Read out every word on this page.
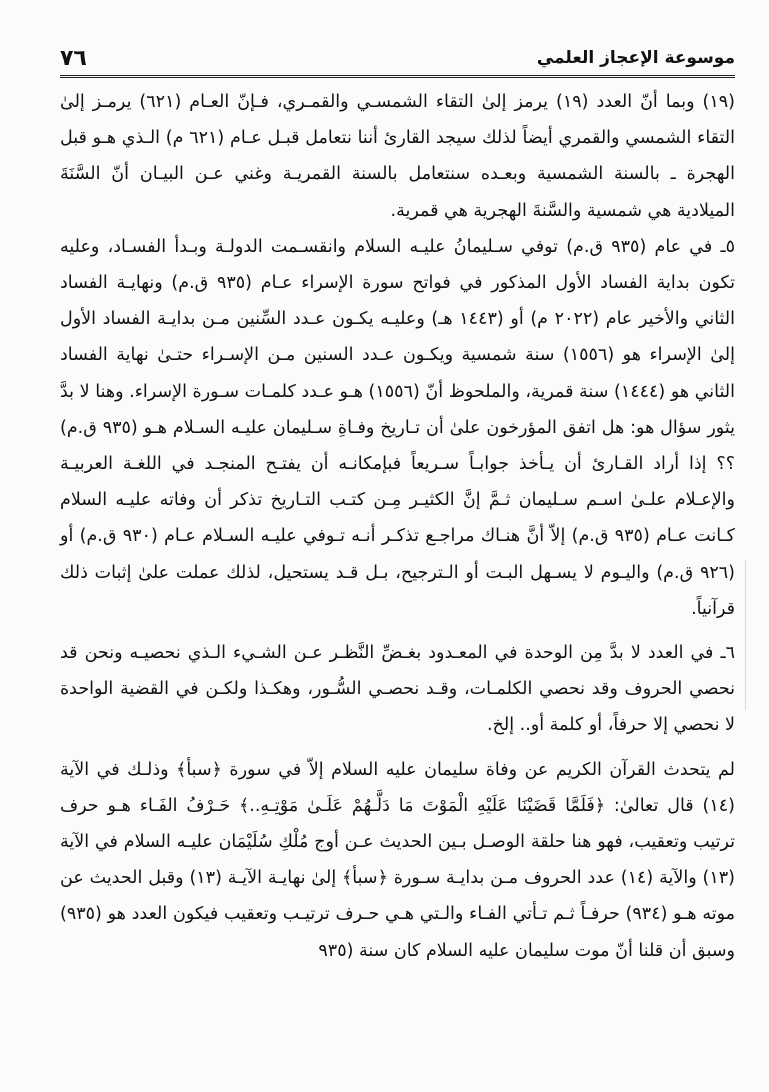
موسوعة الإعجاز العلمي
٧٦

(١٩) وبما أنّ العدد (١٩) يرمز إلىٰ التقاء الشمسـي والقمـري، فـإنّ العـام (٦٢١) يرمـز إلىٰ التقاء الشمسي والقمري أيضاً لذلك سيجد القارئ أننا نتعامل قبـل عـام (٦٢١ م) الـذي هـو قبل الهجرة ـ بالسنة الشمسية وبعـده سنتعامل بالسنة القمريـة وغني عـن البيـان أنّ السَّنَةَ الميلادية هي شمسية والسَّنةَ الهجرية هي قمرية.

٥ـ في عام (٩٣٥ ق.م) توفي سـليمانُ عليـه السلام وانقسـمت الدولـة وبـدأ الفسـاد، وعليه تكون بداية الفساد الأول المذكور في فواتح سورة الإسراء عـام (٩٣٥ ق.م) ونهايـة الفساد الثاني والأخير عام (٢٠٢٢ م) أو (١٤٤٣ هـ) وعليـه يكـون عـدد السِّنين مـن بدايـة الفساد الأول إلىٰ الإسراء هو (١٥٥٦) سنة شمسية ويكـون عـدد السنين مـن الإسـراء حتـىٰ نهاية الفساد الثاني هو (١٤٤٤) سنة قمرية، والملحوظ أنّ (١٥٥٦) هـو عـدد كلمـات سـورة الإسراء. وهنا لا بدَّ يثور سؤال هو: هل اتفق المؤرخون علىٰ أن تـاريخ وفـاةِ سـليمان عليـه السـلام هـو (٩٣٥ ق.م) ؟؟ إذا أراد القـارئ أن يـأخذ جوابـاً سـريعاً فبإمكانـه أن يفتـح المنجـد في اللغـة العربيـة والإعـلام علـىٰ اسـم سـليمان ثـمَّ إنَّ الكثيـر مِـن كتـب التـاريخ تذكر أن وفاته عليـه السلام كـانت عـام (٩٣٥ ق.م) إلاّ أنَّ هنـاك مراجـع تذكـر أنـه تـوفي عليـه السـلام عـام (٩٣٠ ق.م) أو (٩٢٦ ق.م) واليـوم لا يسـهل البـت أو الـترجيح، بـل قـد يستحيل، لذلك عملت علىٰ إثبات ذلك قرآنياً.

٦ـ في العدد لا بدَّ مِن الوحدة في المعـدود بغـضِّ النَّظـر عـن الشـيء الـذي نحصيـه ونحن قد نحصي الحروف وقد نحصي الكلمـات، وقـد نحصـي السُّـور، وهكـذا ولكـن في القضية الواحدة لا نحصي إلا حرفاً، أو كلمة أو.. إلخ.

لم يتحدث القرآن الكريم عن وفاة سليمان عليه السلام إلاّ في سورة ﴿سبأ﴾ وذلـك في الآية (١٤) قال تعالىٰ: ﴿فَلَمَّا قَضَيْنَا عَلَيْهِ الْمَوْتَ مَا دَلَّـهُمْ عَلَـىٰ مَوْتِـهِ..﴾ حَـرْفُ الفَـاء هـو حرف ترتيب وتعقيب، فهو هنا حلقة الوصـل بـين الحديث عـن أوج مُلْكِ سُلَيْمَان عليـه السلام في الآية (١٣) والآية (١٤) عدد الحروف مـن بدايـة سـورة ﴿سبأ﴾ إلىٰ نهايـة الآيـة (١٣) وقبل الحديث عن موته هـو (٩٣٤) حرفـاً ثـم تـأتي الفـاء والـتي هـي حـرف ترتيـب وتعقيب فيكون العدد هو (٩٣٥) وسبق أن قلنا أنّ موت سليمان عليه السلام كان سنة (٩٣٥
